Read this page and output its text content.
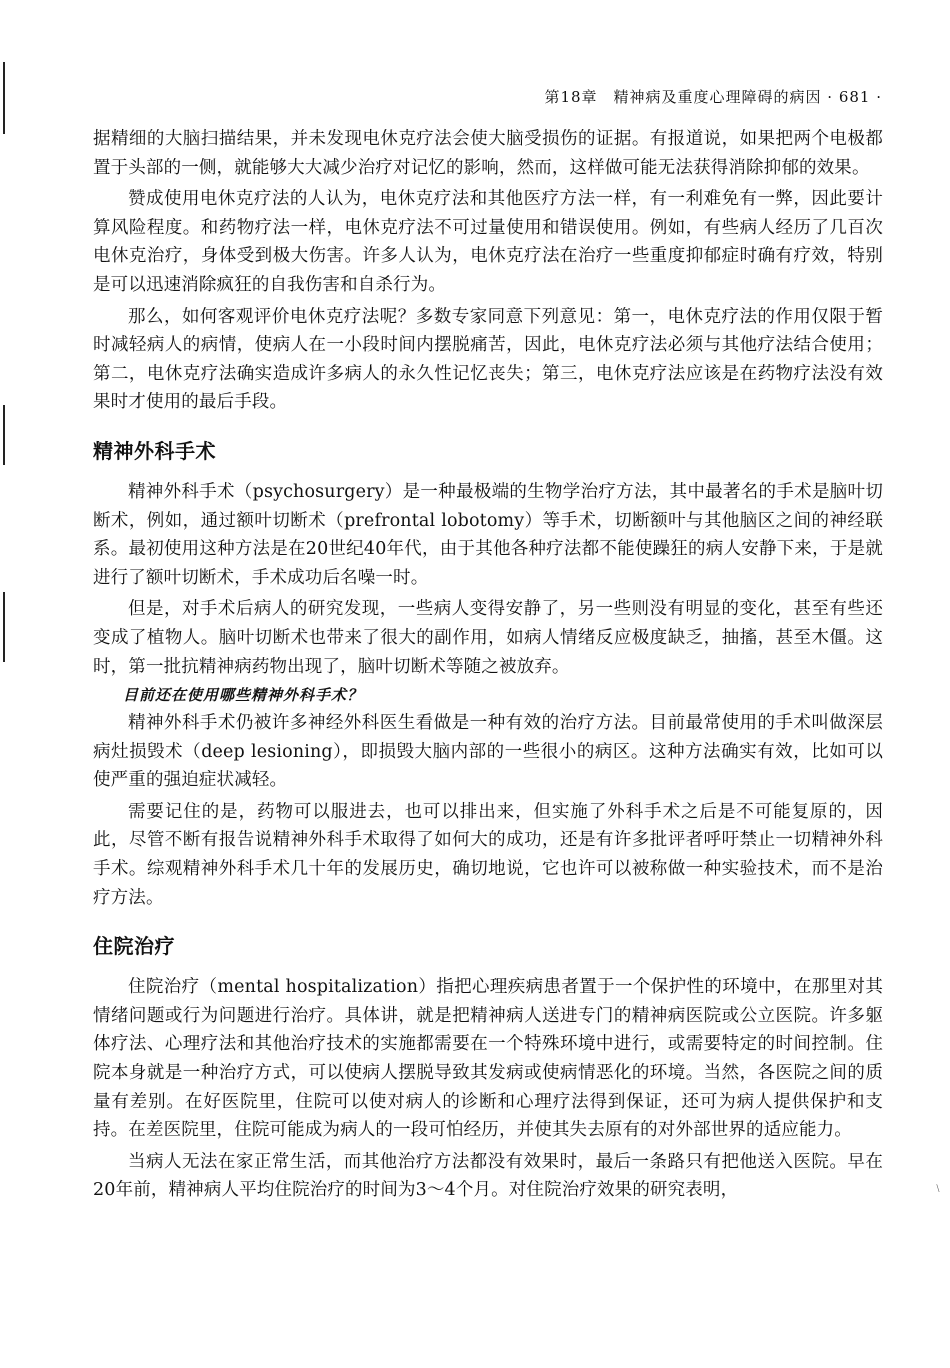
第18章　精神病及重度心理障碍的病因 · 681 ·

据精细的大脑扫描结果，并未发现电休克疗法会使大脑受损伤的证据。有报道说，如果把两个电极都置于头部的一侧，就能够大大减少治疗对记忆的影响，然而，这样做可能无法获得消除抑郁的效果。

赞成使用电休克疗法的人认为，电休克疗法和其他医疗方法一样，有一利难免有一弊，因此要计算风险程度。和药物疗法一样，电休克疗法不可过量使用和错误使用。例如，有些病人经历了几百次电休克治疗，身体受到极大伤害。许多人认为，电休克疗法在治疗一些重度抑郁症时确有疗效，特别是可以迅速消除疯狂的自我伤害和自杀行为。

那么，如何客观评价电休克疗法呢？多数专家同意下列意见：第一，电休克疗法的作用仅限于暂时减轻病人的病情，使病人在一小段时间内摆脱痛苦，因此，电休克疗法必须与其他疗法结合使用；第二，电休克疗法确实造成许多病人的永久性记忆丧失；第三，电休克疗法应该是在药物疗法没有效果时才使用的最后手段。

精神外科手术

精神外科手术（psychosurgery）是一种最极端的生物学治疗方法，其中最著名的手术是脑叶切断术，例如，通过额叶切断术（prefrontal lobotomy）等手术，切断额叶与其他脑区之间的神经联系。最初使用这种方法是在20世纪40年代，由于其他各种疗法都不能使躁狂的病人安静下来，于是就进行了额叶切断术，手术成功后名噪一时。

但是，对手术后病人的研究发现，一些病人变得安静了，另一些则没有明显的变化，甚至有些还变成了植物人。脑叶切断术也带来了很大的副作用，如病人情绪反应极度缺乏，抽搐，甚至木僵。这时，第一批抗精神病药物出现了，脑叶切断术等随之被放弃。

目前还在使用哪些精神外科手术？

精神外科手术仍被许多神经外科医生看做是一种有效的治疗方法。目前最常使用的手术叫做深层病灶损毁术（deep lesioning），即损毁大脑内部的一些很小的病区。这种方法确实有效，比如可以使严重的强迫症状减轻。

需要记住的是，药物可以服进去，也可以排出来，但实施了外科手术之后是不可能复原的，因此，尽管不断有报告说精神外科手术取得了如何大的成功，还是有许多批评者呼吁禁止一切精神外科手术。综观精神外科手术几十年的发展历史，确切地说，它也许可以被称做一种实验技术，而不是治疗方法。

住院治疗

住院治疗（mental hospitalization）指把心理疾病患者置于一个保护性的环境中，在那里对其情绪问题或行为问题进行治疗。具体讲，就是把精神病人送进专门的精神病医院或公立医院。许多躯体疗法、心理疗法和其他治疗技术的实施都需要在一个特殊环境中进行，或需要特定的时间控制。住院本身就是一种治疗方式，可以使病人摆脱导致其发病或使病情恶化的环境。当然，各医院之间的质量有差别。在好医院里，住院可以使对病人的诊断和心理疗法得到保证，还可为病人提供保护和支持。在差医院里，住院可能成为病人的一段可怕经历，并使其失去原有的对外部世界的适应能力。

当病人无法在家正常生活，而其他治疗方法都没有效果时，最后一条路只有把他送入医院。早在20年前，精神病人平均住院治疗的时间为3～4个月。对住院治疗效果的研究表明，	﹨
